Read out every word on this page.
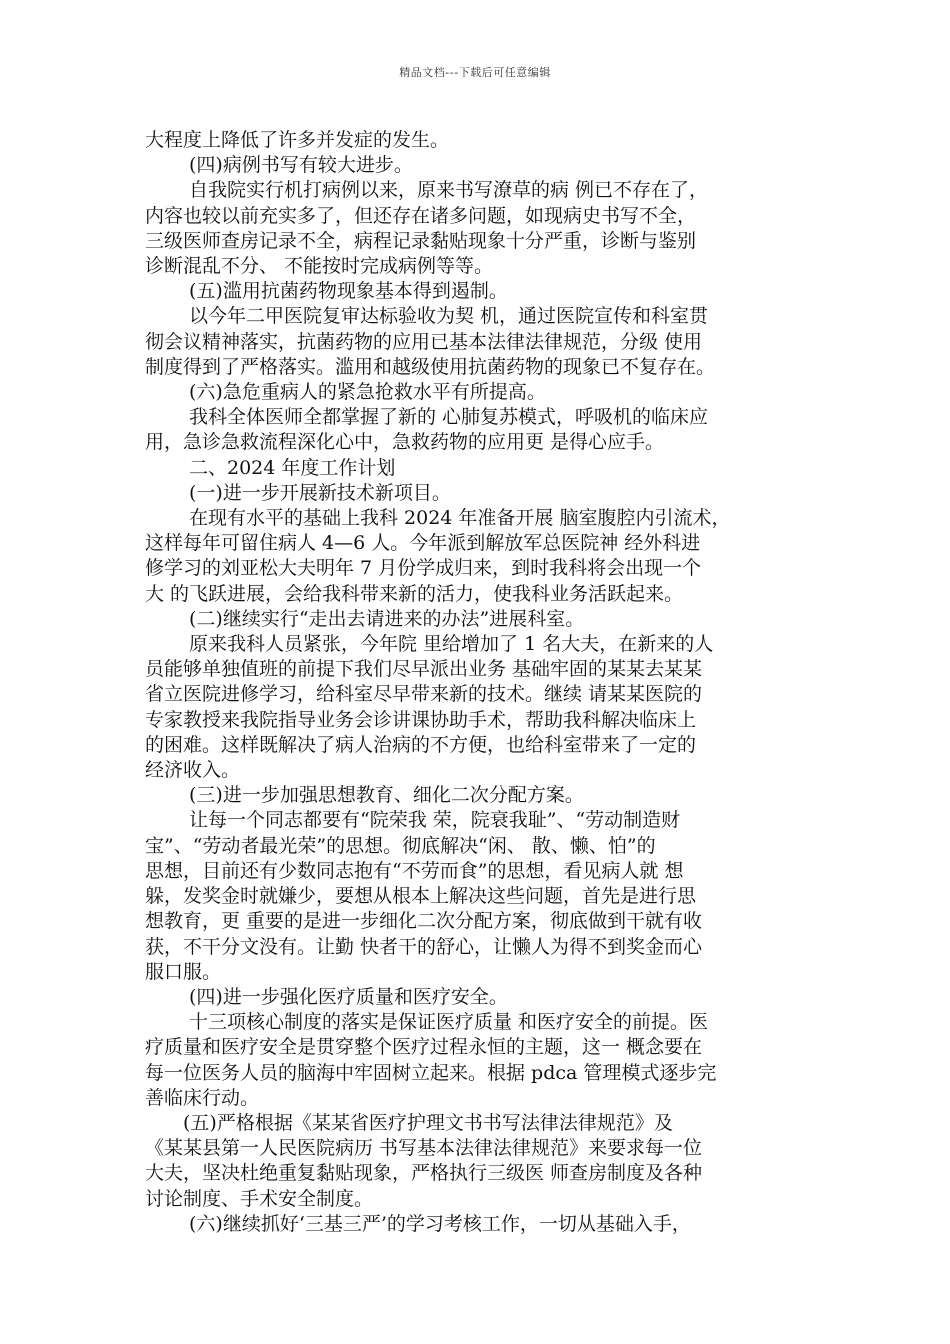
精品文档---下载后可任意编辑

大程度上降低了许多并发症的发生。

(四)病例书写有较大进步。

自我院实行机打病例以来，原来书写潦草的病 例已不存在了，

内容也较以前充实多了，但还存在诸多问题，如现病史书写不全，

三级医师查房记录不全，病程记录黏贴现象十分严重，诊断与鉴别

诊断混乱不分、 不能按时完成病例等等。

(五)滥用抗菌药物现象基本得到遏制。

以今年二甲医院复审达标验收为契 机，通过医院宣传和科室贯

彻会议精神落实，抗菌药物的应用已基本法律法律规范，分级 使用

制度得到了严格落实。滥用和越级使用抗菌药物的现象已不复存在。

(六)急危重病人的紧急抢救水平有所提高。

我科全体医师全都掌握了新的 心肺复苏模式，呼吸机的临床应

用，急诊急救流程深化心中，急救药物的应用更 是得心应手。

二、2024 年度工作计划

(一)进一步开展新技术新项目。

在现有水平的基础上我科 2024 年准备开展 脑室腹腔内引流术，

这样每年可留住病人 4—6 人。今年派到解放军总医院神 经外科进

修学习的刘亚松大夫明年 7 月份学成归来，到时我科将会出现一个

大 的飞跃进展，会给我科带来新的活力，使我科业务活跃起来。

(二)继续实行“走出去请进来的办法”进展科室。

原来我科人员紧张，今年院 里给增加了 1 名大夫，在新来的人

员能够单独值班的前提下我们尽早派出业务 基础牢固的某某去某某

省立医院进修学习，给科室尽早带来新的技术。继续 请某某医院的

专家教授来我院指导业务会诊讲课协助手术，帮助我科解决临床上

的困难。这样既解决了病人治病的不方便，也给科室带来了一定的

经济收入。

(三)进一步加强思想教育、细化二次分配方案。

让每一个同志都要有“院荣我 荣，院衰我耻”、“劳动制造财

宝”、“劳动者最光荣”的思想。彻底解决“闲、 散、懒、怕”的

思想，目前还有少数同志抱有“不劳而食”的思想，看见病人就 想

躲，发奖金时就嫌少，要想从根本上解决这些问题，首先是进行思

想教育，更 重要的是进一步细化二次分配方案，彻底做到干就有收

获，不干分文没有。让勤 快者干的舒心，让懒人为得不到奖金而心

服口服。

(四)进一步强化医疗质量和医疗安全。

十三项核心制度的落实是保证医疗质量 和医疗安全的前提。医

疗质量和医疗安全是贯穿整个医疗过程永恒的主题，这一 概念要在

每一位医务人员的脑海中牢固树立起来。根据 pdca 管理模式逐步完

善临床行动。

(五)严格根据《某某省医疗护理文书书写法律法律规范》及

《某某县第一人民医院病历 书写基本法律法律规范》来要求每一位

大夫，坚决杜绝重复黏贴现象，严格执行三级医 师查房制度及各种

讨论制度、手术安全制度。

(六)继续抓好‘三基三严’的学习考核工作，一切从基础入手，
